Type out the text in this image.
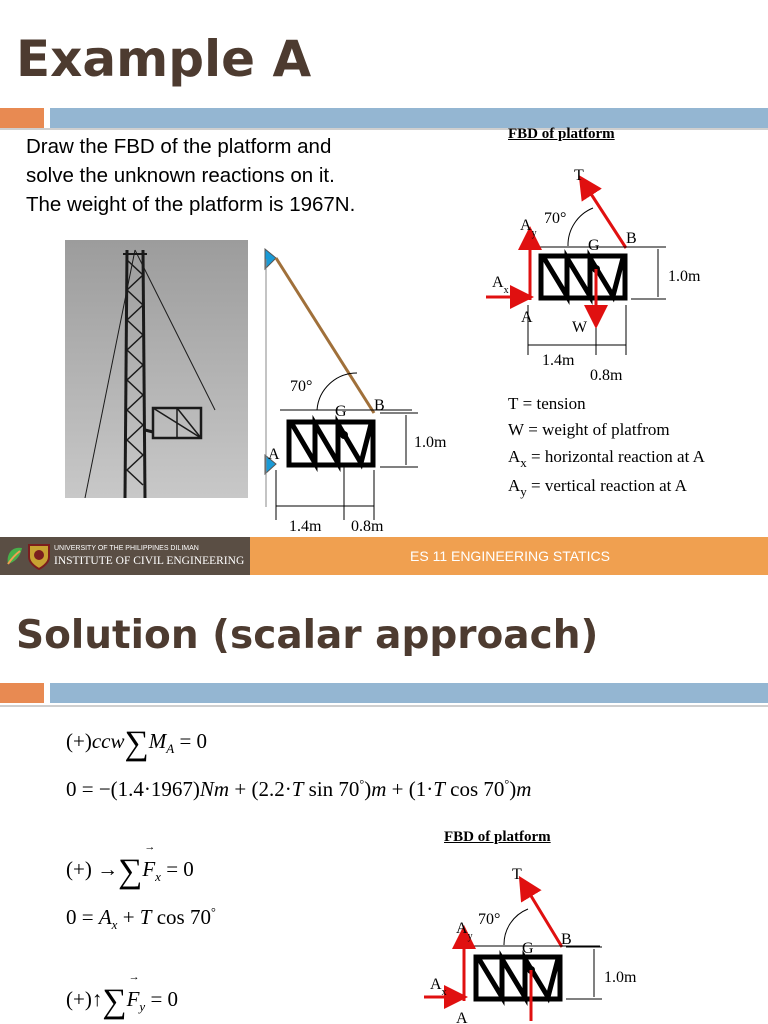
Example A
Draw the FBD of the platform and
solve the unknown reactions on it.
The weight of the platform is 1967N.
70°
G B
A
1.0m
1.4m 0.8m
FBD of platform
T
70°
$A_y$
$A_x$
G B
A
W
1.0m
1.4m
0.8m
T = tension
W = weight of platfrom
$A_x$ = horizontal reaction at A
$A_y$ = vertical reaction at A
UNIVERSITY OF THE PHILIPPINES DILIMAN
INSTITUTE OF CIVIL ENGINEERING	ES 11 ENGINEERING STATICS
Solution (scalar approach)
$(+)ccw\sum M_A = 0$
0 = −(1.4·1967)Nm + (2.2·T sin 70°)m + (1·T cos 70°)m
(+) →∑→ $F_x = 0$
$0 = A_x + T$ cos 70°
(+)↑∑→ $F_y = 0$
FBD of platform
T
70°
$A_y$
$A_x$
G
B
A
1.0m
